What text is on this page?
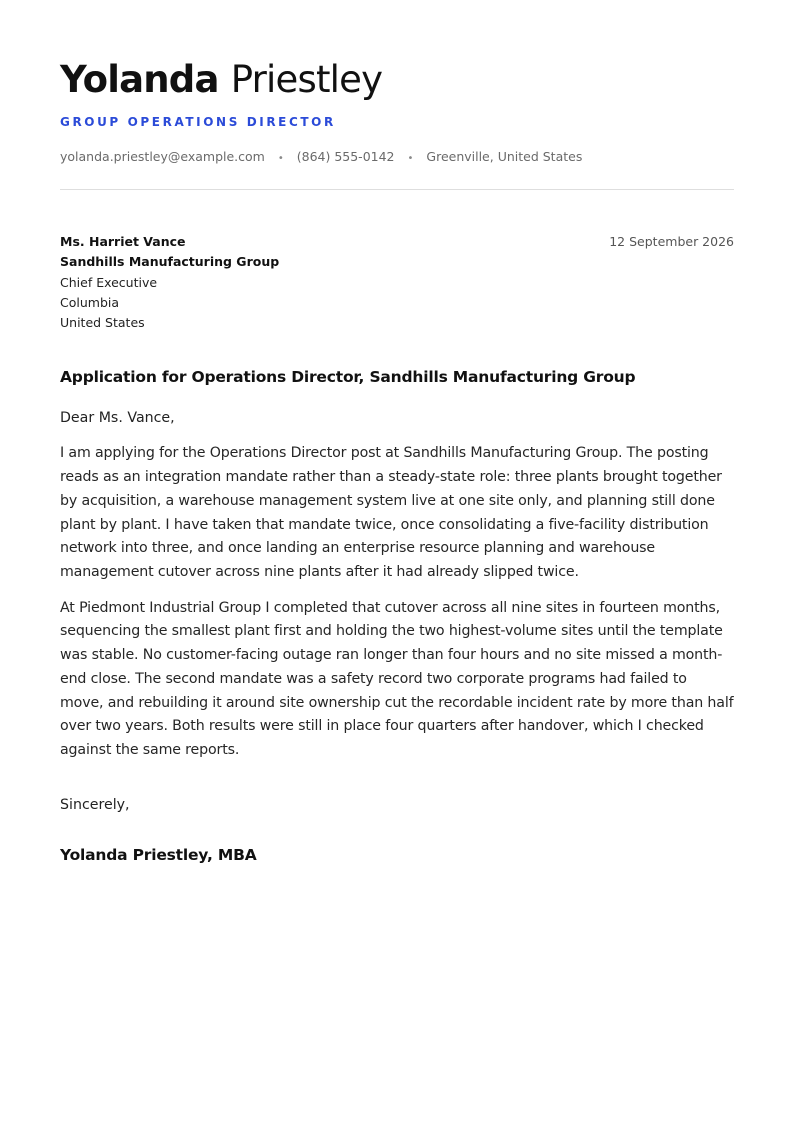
Yolanda Priestley
GROUP OPERATIONS DIRECTOR
yolanda.priestley@example.com • (864) 555-0142 • Greenville, United States
Ms. Harriet Vance
Sandhills Manufacturing Group
Chief Executive
Columbia
United States
12 September 2026
Application for Operations Director, Sandhills Manufacturing Group
Dear Ms. Vance,

I am applying for the Operations Director post at Sandhills Manufacturing Group. The posting reads as an integration mandate rather than a steady-state role: three plants brought together by acquisition, a warehouse management system live at one site only, and planning still done plant by plant. I have taken that mandate twice, once consolidating a five-facility distribution network into three, and once landing an enterprise resource planning and warehouse management cutover across nine plants after it had already slipped twice.

At Piedmont Industrial Group I completed that cutover across all nine sites in fourteen months, sequencing the smallest plant first and holding the two highest-volume sites until the template was stable. No customer-facing outage ran longer than four hours and no site missed a month-end close. The second mandate was a safety record two corporate programs had failed to move, and rebuilding it around site ownership cut the recordable incident rate by more than half over two years. Both results were still in place four quarters after handover, which I checked against the same reports.

Sincerely,
Yolanda Priestley, MBA
